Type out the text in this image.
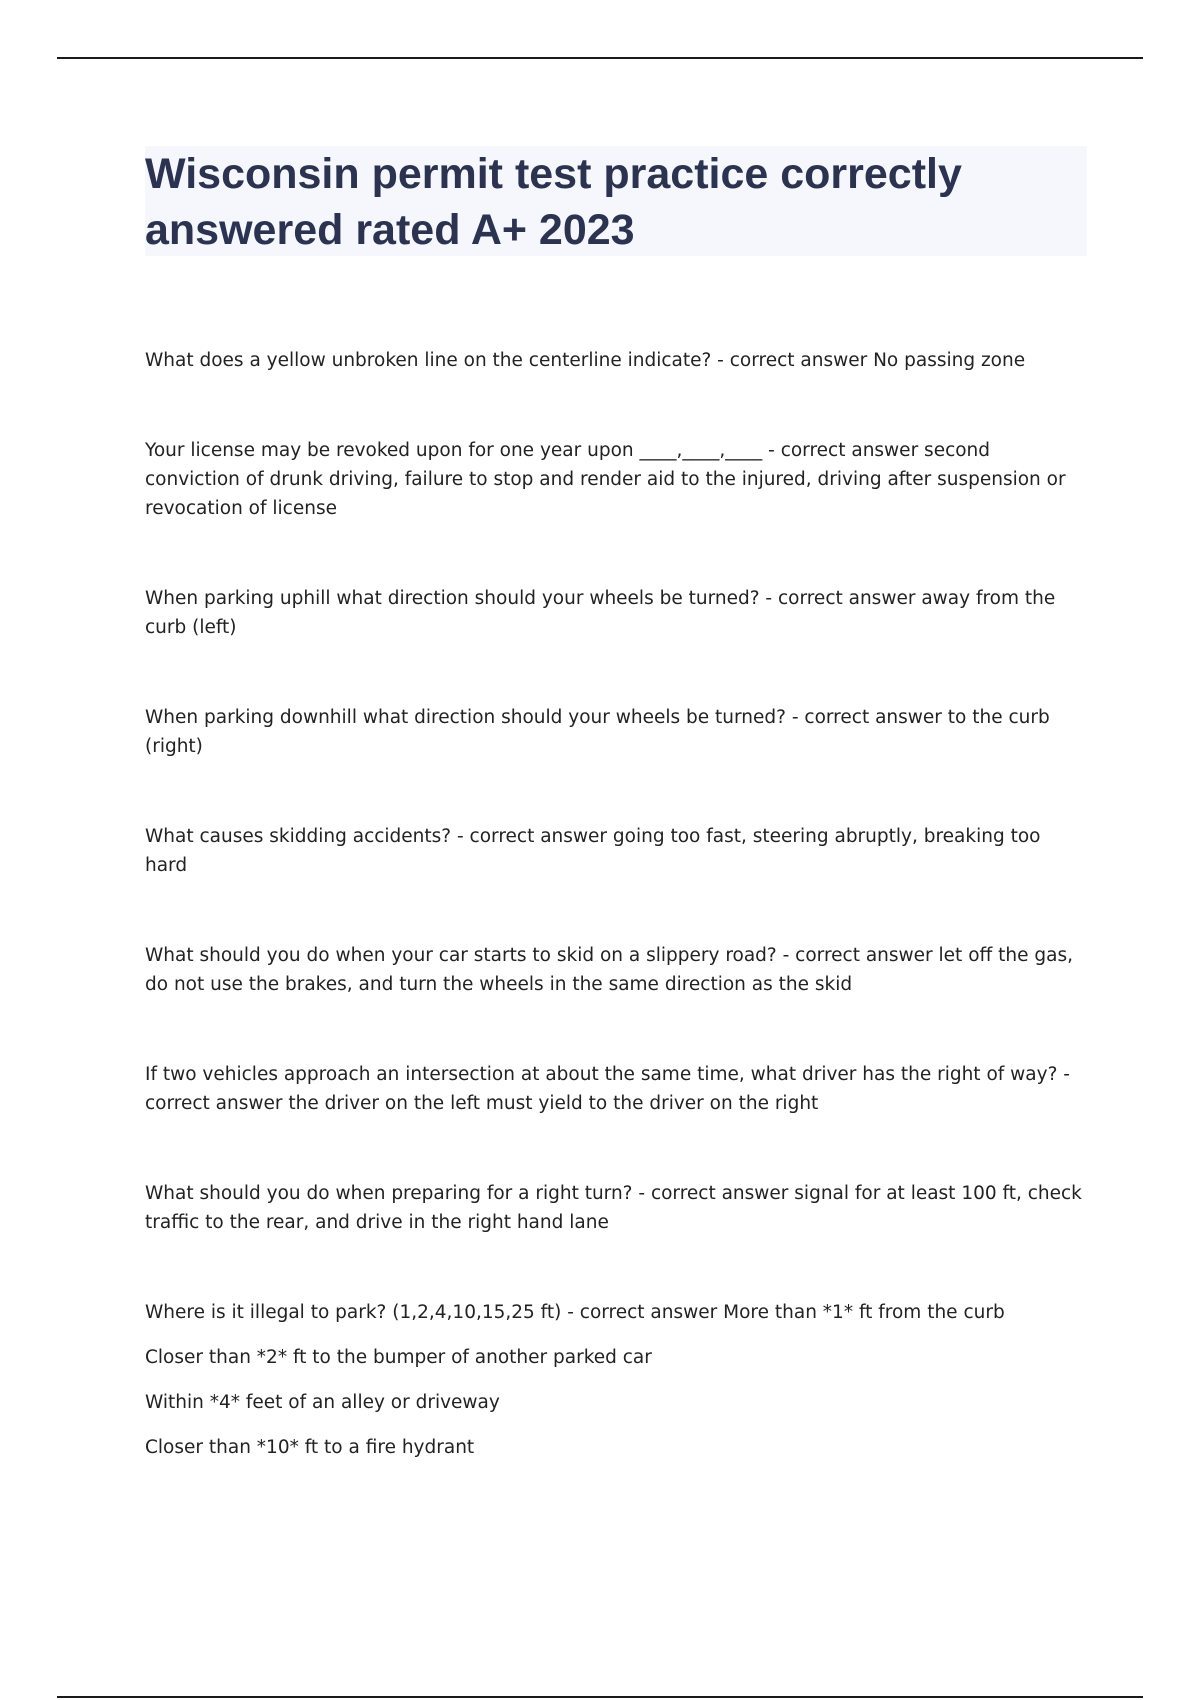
Wisconsin permit test practice correctly answered rated A+ 2023

What does a yellow unbroken line on the centerline indicate? - correct answer No passing zone

Your license may be revoked upon for one year upon ____,____,____ - correct answer second conviction of drunk driving, failure to stop and render aid to the injured, driving after suspension or revocation of license

When parking uphill what direction should your wheels be turned? - correct answer away from the curb (left)

When parking downhill what direction should your wheels be turned? - correct answer to the curb (right)

What causes skidding accidents? - correct answer going too fast, steering abruptly, breaking too hard

What should you do when your car starts to skid on a slippery road? - correct answer let off the gas, do not use the brakes, and turn the wheels in the same direction as the skid

If two vehicles approach an intersection at about the same time, what driver has the right of way? - correct answer the driver on the left must yield to the driver on the right

What should you do when preparing for a right turn? - correct answer signal for at least 100 ft, check traffic to the rear, and drive in the right hand lane

Where is it illegal to park? (1,2,4,10,15,25 ft) - correct answer More than *1* ft from the curb

Closer than *2* ft to the bumper of another parked car

Within *4* feet of an alley or driveway

Closer than *10* ft to a fire hydrant
